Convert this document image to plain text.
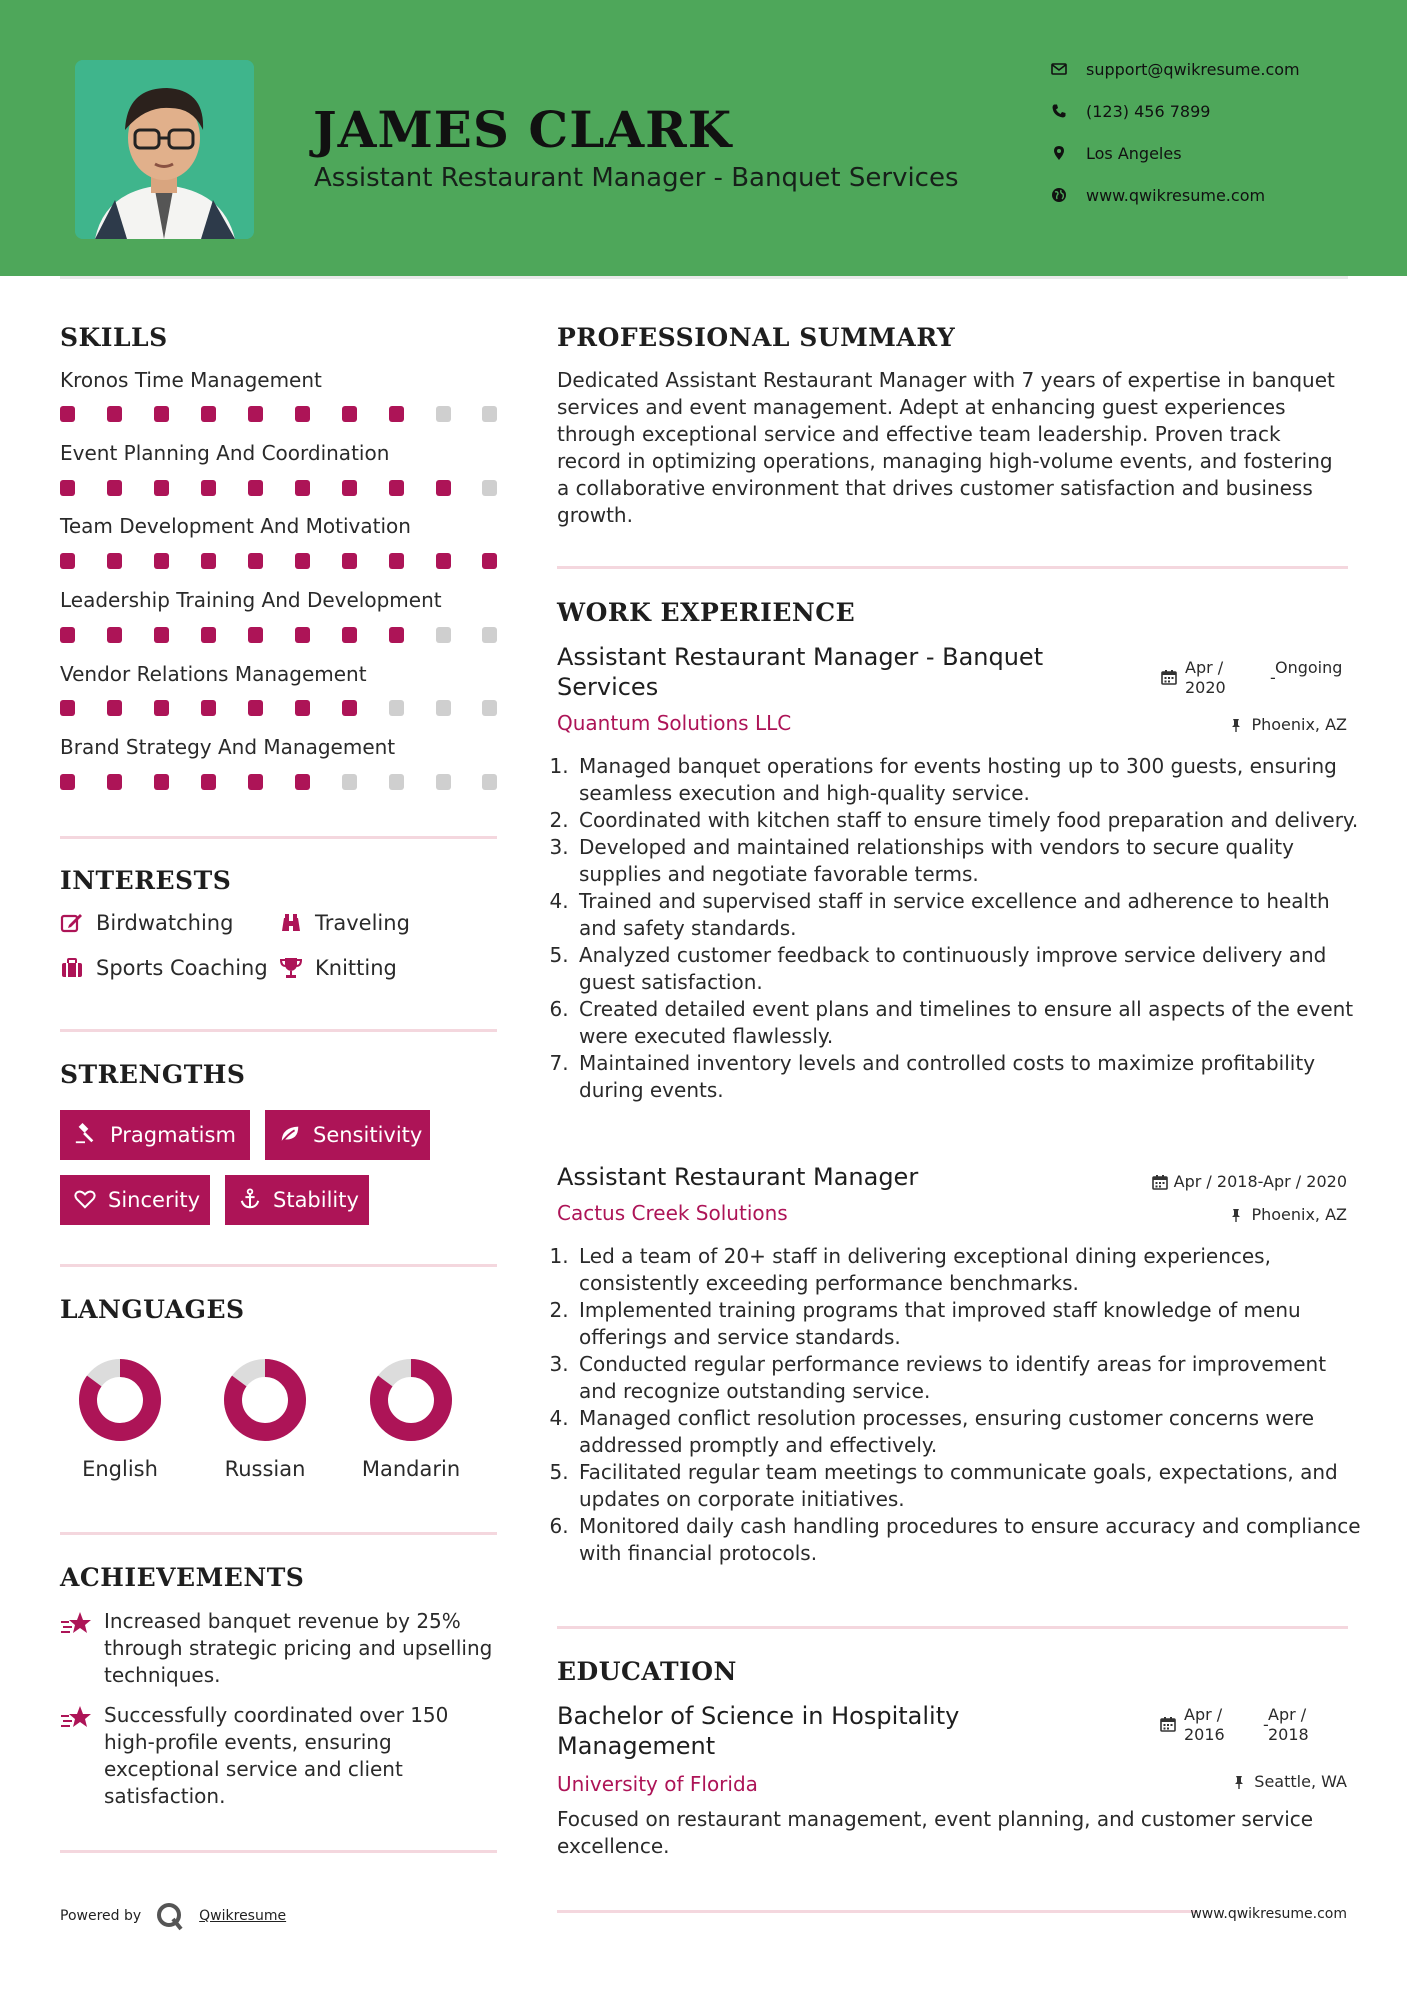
JAMES CLARK
Assistant Restaurant Manager - Banquet Services
support@qwikresume.com
(123) 456 7899
Los Angeles
www.qwikresume.com
SKILLS
Kronos Time Management
Event Planning And Coordination
Team Development And Motivation
Leadership Training And Development
Vendor Relations Management
Brand Strategy And Management
INTERESTS
Birdwatching	Traveling
Sports Coaching Knitting
STRENGTHS
Pragmatism	Sensitivity
Sincerity	Stability
LANGUAGES
English	Russian	Mandarin
ACHIEVEMENTS
Increased banquet revenue by 25% through strategic pricing and upselling techniques.
Successfully coordinated over 150 high-profile events, ensuring exceptional service and client satisfaction.
PROFESSIONAL SUMMARY
Dedicated Assistant Restaurant Manager with 7 years of expertise in banquet services and event management. Adept at enhancing guest experiences through exceptional service and effective team leadership. Proven track record in optimizing operations, managing high-volume events, and fostering a collaborative environment that drives customer satisfaction and business growth.
WORK EXPERIENCE
Assistant Restaurant Manager - Banquet Services
Apr / 2020
-
Ongoing
Quantum Solutions LLC	Phoenix, AZ
1. Managed banquet operations for events hosting up to 300 guests, ensuring seamless execution and high-quality service.
2. Coordinated with kitchen staff to ensure timely food preparation and delivery.
3. Developed and maintained relationships with vendors to secure quality supplies and negotiate favorable terms.
4. Trained and supervised staff in service excellence and adherence to health and safety standards.
5. Analyzed customer feedback to continuously improve service delivery and guest satisfaction.
6. Created detailed event plans and timelines to ensure all aspects of the event were executed flawlessly.
7. Maintained inventory levels and controlled costs to maximize profitability during events.
Assistant Restaurant Manager	Apr / 2018-Apr / 2020
Cactus Creek Solutions	Phoenix, AZ
1. Led a team of 20+ staff in delivering exceptional dining experiences, consistently exceeding performance benchmarks.
2. Implemented training programs that improved staff knowledge of menu offerings and service standards.
3. Conducted regular performance reviews to identify areas for improvement and recognize outstanding service.
4. Managed conflict resolution processes, ensuring customer concerns were addressed promptly and effectively.
5. Facilitated regular team meetings to communicate goals, expectations, and updates on corporate initiatives.
6. Monitored daily cash handling procedures to ensure accuracy and compliance with financial protocols.
EDUCATION
Bachelor of Science in Hospitality Management
Apr / 2016
-
Apr / 2018
University of Florida	Seattle, WA
Focused on restaurant management, event planning, and customer service excellence.
Powered by	Qwikresume	www.qwikresume.com
